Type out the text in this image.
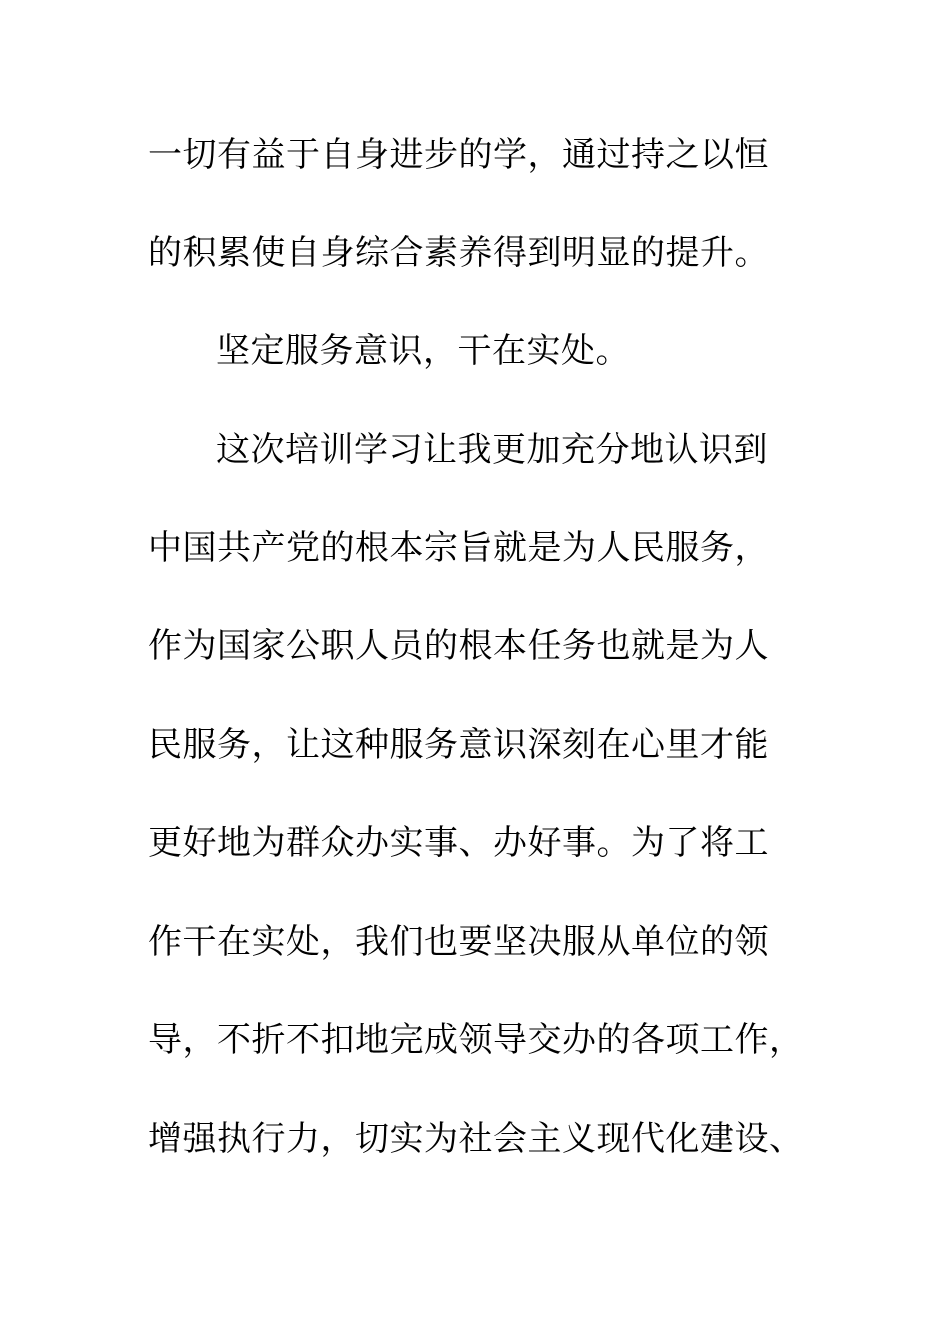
一切有益于自身进步的学，通过持之以恒

的积累使自身综合素养得到明显的提升。

坚定服务意识，干在实处。

这次培训学习让我更加充分地认识到

中国共产党的根本宗旨就是为人民服务，

作为国家公职人员的根本任务也就是为人

民服务，让这种服务意识深刻在心里才能

更好地为群众办实事、办好事。为了将工

作干在实处，我们也要坚决服从单位的领

导，不折不扣地完成领导交办的各项工作，

增强执行力，切实为社会主义现代化建设、
